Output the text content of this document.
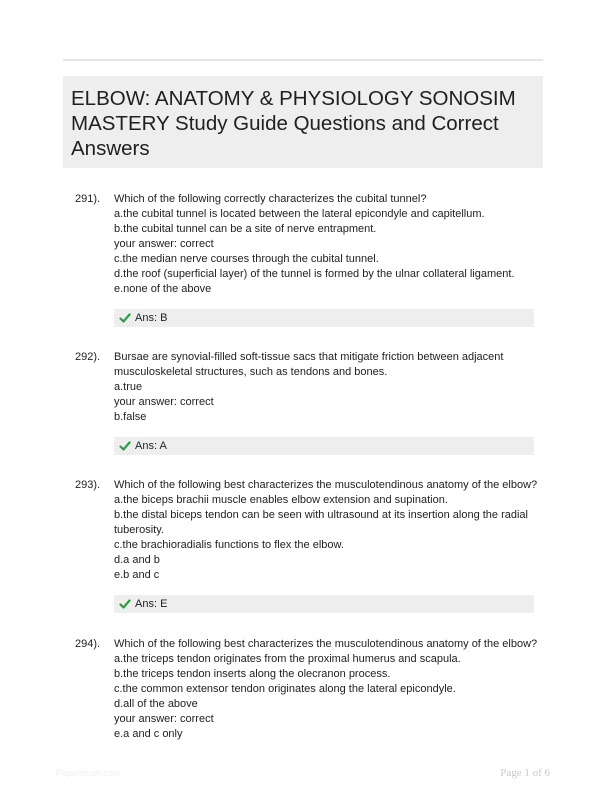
ELBOW: ANATOMY & PHYSIOLOGY SONOSIM MASTERY Study Guide Questions and Correct Answers
291). Which of the following correctly characterizes the cubital tunnel?
a.the cubital tunnel is located between the lateral epicondyle and capitellum.
b.the cubital tunnel can be a site of nerve entrapment.
your answer: correct
c.the median nerve courses through the cubital tunnel.
d.the roof (superficial layer) of the tunnel is formed by the ulnar collateral ligament.
e.none of the above
Ans: B
292). Bursae are synovial-filled soft-tissue sacs that mitigate friction between adjacent musculoskeletal structures, such as tendons and bones.
a.true
your answer: correct
b.false
Ans: A
293). Which of the following best characterizes the musculotendinous anatomy of the elbow?
a.the biceps brachii muscle enables elbow extension and supination.
b.the distal biceps tendon can be seen with ultrasound at its insertion along the radial tuberosity.
c.the brachioradialis functions to flex the elbow.
d.a and b
e.b and c
Ans: E
294). Which of the following best characterizes the musculotendinous anatomy of the elbow?
a.the triceps tendon originates from the proximal humerus and scapula.
b.the triceps tendon inserts along the olecranon process.
c.the common extensor tendon originates along the lateral epicondyle.
d.all of the above
your answer: correct
e.a and c only
Paperstudy.com	Page 1 of 6
